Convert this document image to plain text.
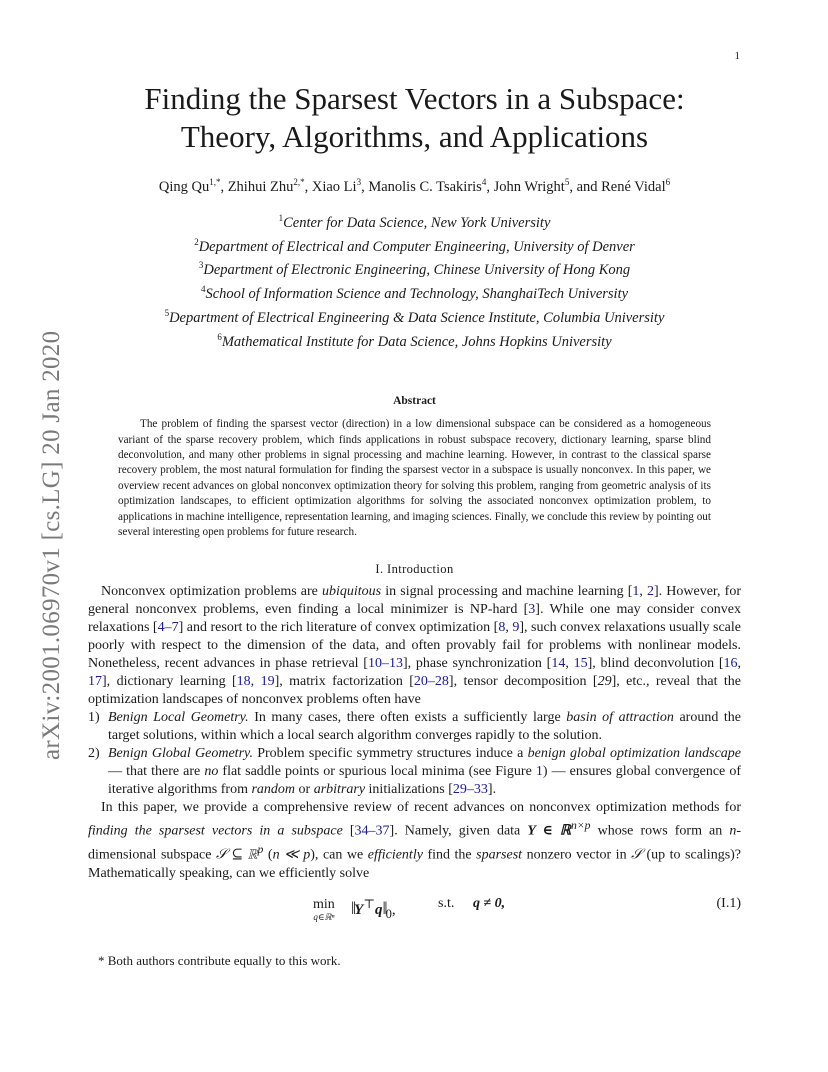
1
arXiv:2001.06970v1 [cs.LG] 20 Jan 2020
Finding the Sparsest Vectors in a Subspace:
Theory, Algorithms, and Applications
Qing $Qu^{1,*}$, Zhihui Zhu$^{2,*}$, Xiao Li$^3$, Manolis C. Tsakiris$^4$, John Wright$^5$, and René Vidal$^6$
$^1$Center for Data Science, New York University
$^2$Department of Electrical and Computer Engineering, University of Denver
$^3$Department of Electronic Engineering, Chinese University of Hong Kong
$^4$School of Information Science and Technology, ShanghaiTech University
$^5$Department of Electrical Engineering & Data Science Institute, Columbia University
$^6$Mathematical Institute for Data Science, Johns Hopkins University
Abstract
The problem of finding the sparsest vector (direction) in a low dimensional subspace can be considered as a homogeneous variant of the sparse recovery problem, which finds applications in robust subspace recovery, dictionary learning, sparse blind deconvolution, and many other problems in signal processing and machine learning. However, in contrast to the classical sparse recovery problem, the most natural formulation for finding the sparsest vector in a subspace is usually nonconvex. In this paper, we overview recent advances on global nonconvex optimization theory for solving this problem, ranging from geometric analysis of its optimization landscapes, to efficient optimization algorithms for solving the associated nonconvex optimization problem, to applications in machine intelligence, representation learning, and imaging sciences. Finally, we conclude this review by pointing out several interesting open problems for future research.
I. Introduction

Nonconvex optimization problems are ubiquitous in signal processing and machine learning [1, 2]. However, for general nonconvex problems, even finding a local minimizer is NP-hard [3]. While one may consider convex relaxations [4–7] and resort to the rich literature of convex optimization [8, 9], such convex relaxations usually scale poorly with respect to the dimension of the data, and often provably fail for problems with nonlinear models. Nonetheless, recent advances in phase retrieval [10–13], phase synchronization [14, 15], blind deconvolution [16, 17], dictionary learning [18, 19], matrix factorization [20–28], tensor decomposition [29], etc., reveal that the optimization landscapes of nonconvex problems often have

1) Benign Local Geometry. In many cases, there often exists a sufficiently large basin of attraction around the target solutions, within which a local search algorithm converges rapidly to the solution.
2) Benign Global Geometry. Problem specific symmetry structures induce a benign global optimization landscape — that there are no flat saddle points or spurious local minima (see Figure 1) — ensures global convergence of iterative algorithms from random or arbitrary initializations [29–33].

In this paper, we provide a comprehensive review of recent advances on nonconvex optimization methods for finding the sparsest vectors in a subspace [34–37]. Namely, given data Y ∈ ℝ$^{n\times p}$ whose rows form an n-dimensional subspace 𝒮 ⊆ ℝ$^p$ (n ≪ p), can we efficiently find the sparsest nonzero vector in 𝒮 (up to scalings)? Mathematically speaking, can we efficiently solve

min
q∈ℝⁿ $‖Y^⊤q‖_0$,	s.t. q ≠ 0,	(I.1)
* Both authors contribute equally to this work.
